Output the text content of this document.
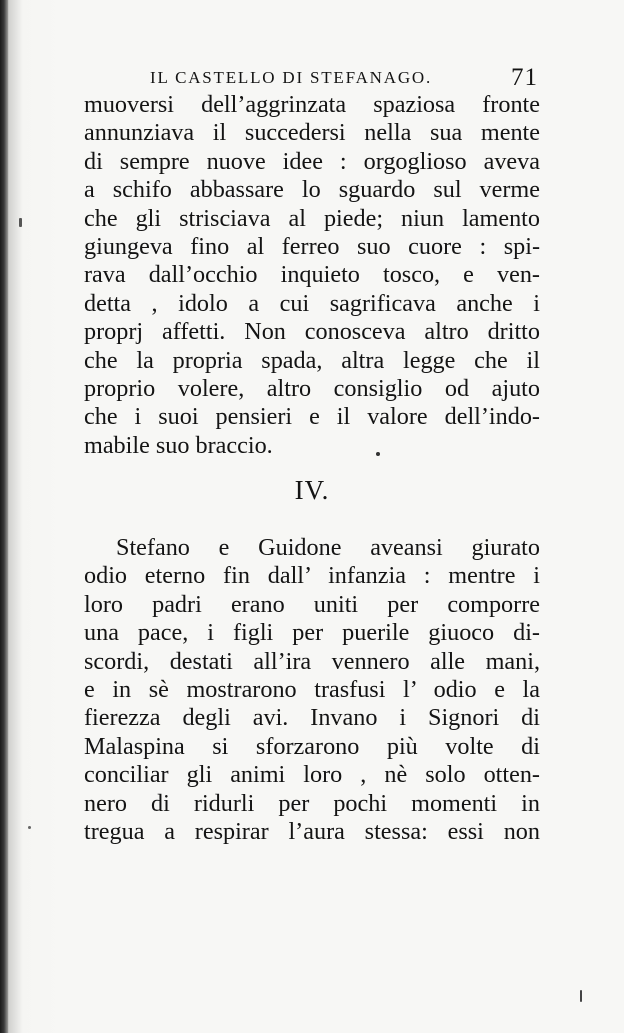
IL CASTELLO DI STEFANAGO.	71
muoversi dell’aggrinzata spaziosa fronte
annunziava il succedersi nella sua mente
di sempre nuove idee : orgoglioso aveva
a schifo abbassare lo sguardo sul verme
che gli strisciava al piede; niun lamento
giungeva fino al ferreo suo cuore : spi-
rava dall’occhio inquieto tosco, e ven-
detta , idolo a cui sagrificava anche i
proprj affetti. Non conosceva altro dritto
che la propria spada, altra legge che il
proprio volere, altro consiglio od ajuto
che i suoi pensieri e il valore dell’indo-
mabile suo braccio.
IV.
Stefano e Guidone aveansi giurato
odio eterno fin dall’ infanzia : mentre i
loro padri erano uniti per comporre
una pace, i figli per puerile giuoco di-
scordi, destati all’ira vennero alle mani,
e in sè mostrarono trasfusi l’ odio e la
fierezza degli avi. Invano i Signori di
Malaspina si sforzarono più volte di
conciliar gli animi loro , nè solo otten-
nero di ridurli per pochi momenti in
tregua a respirar l’aura stessa: essi non
